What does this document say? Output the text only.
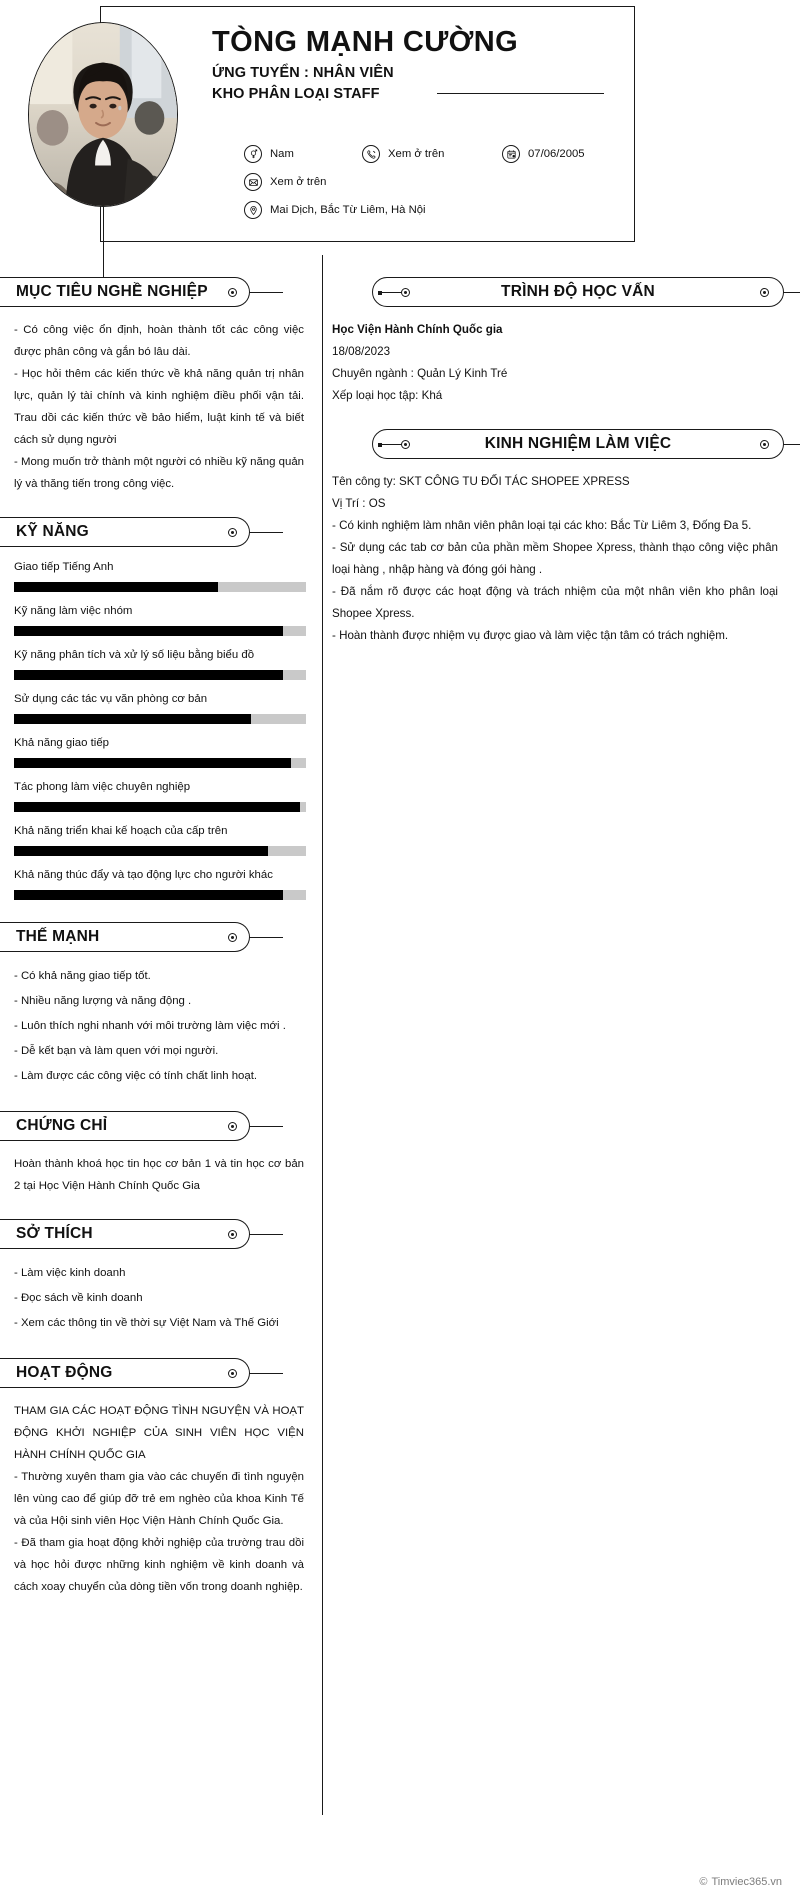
TÒNG MẠNH CƯỜNG
ỨNG TUYỂN : NHÂN VIÊN KHO PHÂN LOẠI STAFF
Nam	Xem ở trên	07/06/2005
Xem ở trên
Mai Dịch, Bắc Từ Liêm, Hà Nội
MỤC TIÊU NGHỀ NGHIỆP

- Có công việc ổn định, hoàn thành tốt các công việc được phân công và gắn bó lâu dài.

- Học hỏi thêm các kiến thức về khả năng quản trị nhân lực, quản lý tài chính và kinh nghiệm điều phối vận tải. Trau dồi các kiến thức về bảo hiểm, luật kinh tế và biết cách sử dụng người

- Mong muốn trở thành một người có nhiều kỹ năng quản lý và thăng tiến trong công việc.

KỸ NĂNG
Giao tiếp Tiếng Anh
Kỹ năng làm việc nhóm
Kỹ năng phân tích và xử lý số liệu bằng biểu đồ
Sử dụng các tác vụ văn phòng cơ bản
Khả năng giao tiếp
Tác phong làm việc chuyên nghiệp
Khả năng triển khai kế hoạch của cấp trên
Khả năng thúc đẩy và tạo động lực cho người khác
THẾ MẠNH
- Có khả năng giao tiếp tốt.
- Nhiều năng lượng và năng động .
- Luôn thích nghi nhanh với môi trường làm việc mới .
- Dễ kết bạn và làm quen với mọi người.
- Làm được các công việc có tính chất linh hoạt.
CHỨNG CHỈ

Hoàn thành khoá học tin học cơ bản 1 và tin học cơ bản 2 tại Học Viện Hành Chính Quốc Gia

SỞ THÍCH
- Làm việc kinh doanh
- Đọc sách về kinh doanh
- Xem các thông tin về thời sự Việt Nam và Thế Giới
HOẠT ĐỘNG

THAM GIA CÁC HOẠT ĐỘNG TÌNH NGUYỆN VÀ HOẠT ĐỘNG KHỞI NGHIỆP CỦA SINH VIÊN HỌC VIỆN HÀNH CHÍNH QUỐC GIA

- Thường xuyên tham gia vào các chuyến đi tình nguyện lên vùng cao để giúp đỡ trẻ em nghèo của khoa Kinh Tế và của Hội sinh viên Học Viện Hành Chính Quốc Gia.

- Đã tham gia hoạt động khởi nghiệp của trường trau dồi và học hỏi được những kinh nghiệm về kinh doanh và cách xoay chuyển của dòng tiền vốn trong doanh nghiệp.

TRÌNH ĐỘ HỌC VẤN

Học Viện Hành Chính Quốc gia

18/08/2023

Chuyên ngành : Quản Lý Kinh Tré

Xếp loại học tập: Khá

KINH NGHIỆM LÀM VIỆC

Tên công ty: SKT CÔNG TU ĐỐI TÁC SHOPEE XPRESS

Vị Trí : OS

- Có kinh nghiệm làm nhân viên phân loại tại các kho: Bắc Từ Liêm 3, Đống Đa 5.

- Sử dụng các tab cơ bản của phần mềm Shopee Xpress, thành thạo công việc phân loại hàng , nhập hàng và đóng gói hàng .

- Đã nắm rõ được các hoạt động và trách nhiệm của một nhân viên kho phân loại Shopee Xpress.

- Hoàn thành được nhiệm vụ được giao và làm việc tận tâm có trách nghiệm.

© Timviec365.vn
